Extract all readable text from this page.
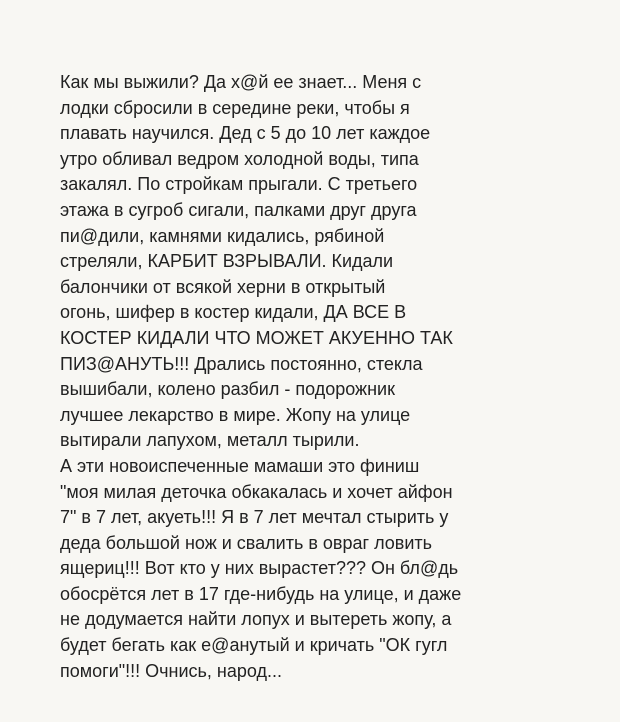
Как мы выжили? Да х@й ее знает... Меня с
лодки сбросили в середине реки, чтобы я
плавать научился. Дед с 5 до 10 лет каждое
утро обливал ведром холодной воды, типа
закалял. По стройкам прыгали. С третьего
этажа в сугроб сигали, палками друг друга
пи@дили, камнями кидались, рябиной
стреляли, КАРБИТ ВЗРЫВАЛИ. Кидали
балончики от всякой херни в открытый
огонь, шифер в костер кидали, ДА ВСЕ В
КОСТЕР КИДАЛИ ЧТО МОЖЕТ АКУЕННО ТАК
ПИЗ@АНУТЬ!!! Дрались постоянно, стекла
вышибали, колено разбил - подорожник
лучшее лекарство в мире. Жопу на улице
вытирали лапухом, металл тырили.
А эти новоиспеченные мамаши это финиш
"моя милая деточка обкакалась и хочет айфон
7" в 7 лет, акуеть!!! Я в 7 лет мечтал стырить у
деда большой нож и свалить в овраг ловить
ящериц!!! Вот кто у них вырастет??? Он бл@дь
обосрётся лет в 17 где-нибудь на улице, и даже
не додумается найти лопух и вытереть жопу, а
будет бегать как е@анутый и кричать "ОК гугл
помоги"!!! Очнись, народ...
